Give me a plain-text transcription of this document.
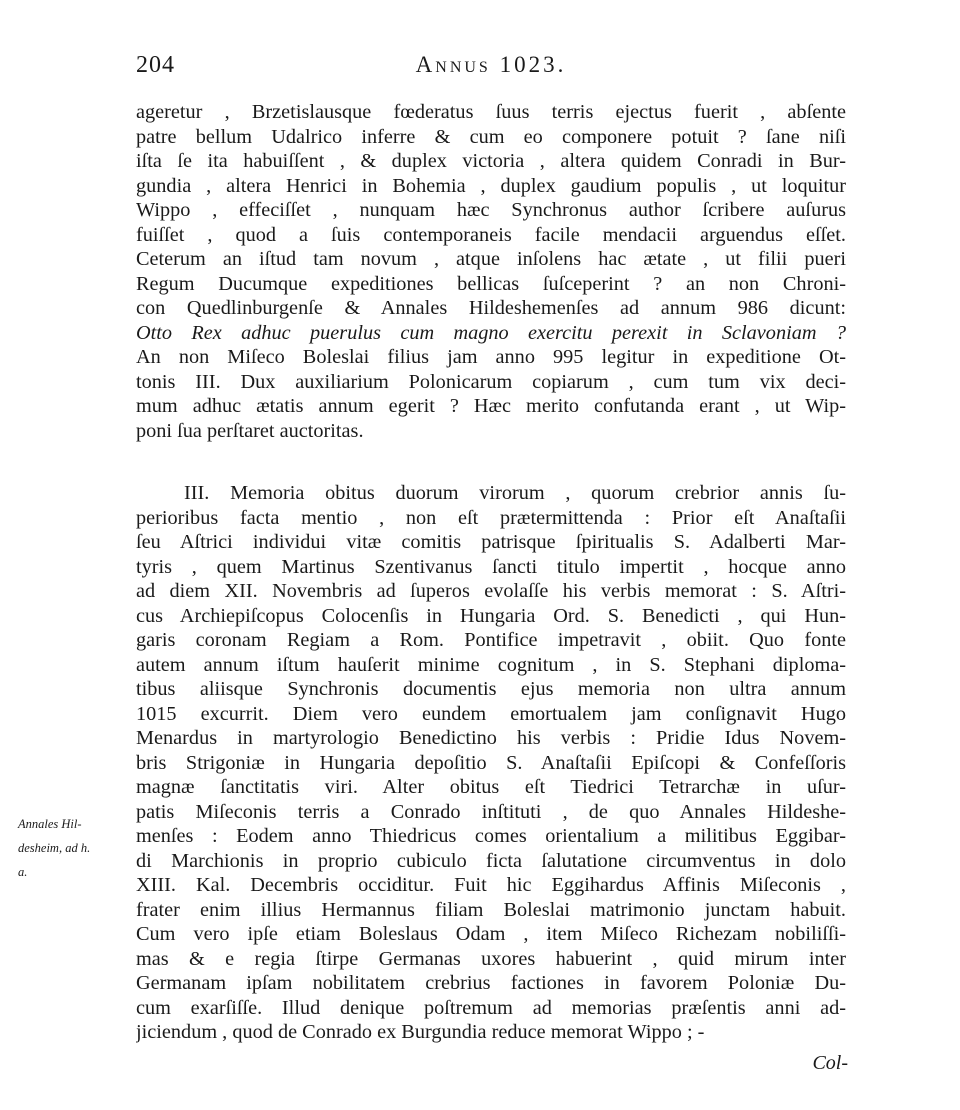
204	Annus 1023.
ageretur , Brzetislausque fœderatus ſuus terris ejectus fuerit , abſente
patre bellum Udalrico inferre & cum eo componere potuit ? ſane niſi
iſta ſe ita habuiſſent , & duplex victoria , altera quidem Conradi in Bur-
gundia , altera Henrici in Bohemia , duplex gaudium populis , ut loquitur
Wippo , effeciſſet , nunquam hæc Synchronus author ſcribere auſurus
fuiſſet , quod a ſuis contemporaneis facile mendacii arguendus eſſet.
Ceterum an iſtud tam novum , atque inſolens hac ætate , ut filii pueri
Regum Ducumque expeditiones bellicas ſuſceperint ? an non Chroni-
con Quedlinburgenſe & Annales Hildeshemenſes ad annum 986 dicunt:
Otto Rex adhuc puerulus cum magno exercitu perexit in Sclavoniam ?
An non Miſeco Boleslai filius jam anno 995 legitur in expeditione Ot-
tonis III. Dux auxiliarium Polonicarum copiarum , cum tum vix deci-
mum adhuc ætatis annum egerit ? Hæc merito confutanda erant , ut Wip-
poni ſua perſtaret auctoritas.
III. Memoria obitus duorum virorum , quorum crebrior annis ſu-
perioribus facta mentio , non eſt prætermittenda : Prior eſt Anaſtaſii
ſeu Aſtrici individui vitæ comitis patrisque ſpiritualis S. Adalberti Mar-
tyris , quem Martinus Szentivanus ſancti titulo impertit , hocque anno
ad diem XII. Novembris ad ſuperos evolaſſe his verbis memorat : S. Aſtri-
cus Archiepiſcopus Colocenſis in Hungaria Ord. S. Benedicti , qui Hun-
garis coronam Regiam a Rom. Pontifice impetravit , obiit. Quo fonte
autem annum iſtum hauſerit minime cognitum , in S. Stephani diploma-
tibus aliisque Synchronis documentis ejus memoria non ultra annum
1015 excurrit. Diem vero eundem emortualem jam conſignavit Hugo
Menardus in martyrologio Benedictino his verbis : Pridie Idus Novem-
bris Strigoniæ in Hungaria depoſitio S. Anaſtaſii Epiſcopi & Confeſſoris
magnæ ſanctitatis viri. Alter obitus eſt Tiedrici Tetrarchæ in uſur-
patis Miſeconis terris a Conrado inſtituti , de quo Annales Hildeshe-
menſes : Eodem anno Thiedricus comes orientalium a militibus Eggibar-
di Marchionis in proprio cubiculo ficta ſalutatione circumventus in dolo
XIII. Kal. Decembris occiditur. Fuit hic Eggihardus Affinis Miſeconis ,
frater enim illius Hermannus filiam Boleslai matrimonio junctam habuit.
Cum vero ipſe etiam Boleslaus Odam , item Miſeco Richezam nobiliſſi-
mas & e regia ſtirpe Germanas uxores habuerint , quid mirum inter
Germanam ipſam nobilitatem crebrius factiones in favorem Poloniæ Du-
cum exarſiſſe. Illud denique poſtremum ad memorias præſentis anni ad-
jiciendum , quod de Conrado ex Burgundia reduce memorat Wippo ; -
Annales Hil-
desheim, ad h.
a.
Col-
